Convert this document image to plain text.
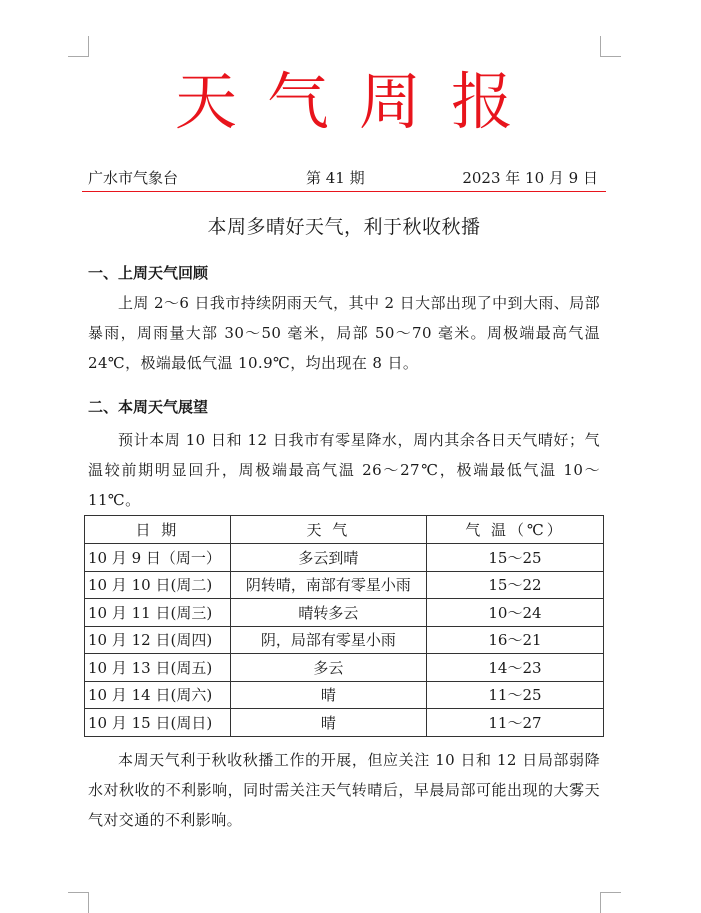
天气周报
广水市气象台	第 41 期	2023 年 10 月 9 日
本周多晴好天气，利于秋收秋播
一、上周天气回顾
上周 2～6 日我市持续阴雨天气，其中 2 日大部出现了中到大雨、局部暴雨，周雨量大部 30～50 毫米，局部 50～70 毫米。周极端最高气温 24℃，极端最低气温 10.9℃，均出现在 8 日。
二、本周天气展望
预计本周 10 日和 12 日我市有零星降水，周内其余各日天气晴好；气温较前期明显回升，周极端最高气温 26～27℃，极端最低气温 10～11℃。
日 期	天 气	气 温（℃）
10 月 9 日（周一）	多云到晴	15～25
10 月 10 日(周二)	阴转晴，南部有零星小雨	15～22
10 月 11 日(周三)	晴转多云	10～24
10 月 12 日(周四)	阴，局部有零星小雨	16～21
10 月 13 日(周五)	多云	14～23
10 月 14 日(周六)	晴	11～25
10 月 15 日(周日)	晴	11～27
本周天气利于秋收秋播工作的开展，但应关注 10 日和 12 日局部弱降水对秋收的不利影响，同时需关注天气转晴后，早晨局部可能出现的大雾天气对交通的不利影响。
